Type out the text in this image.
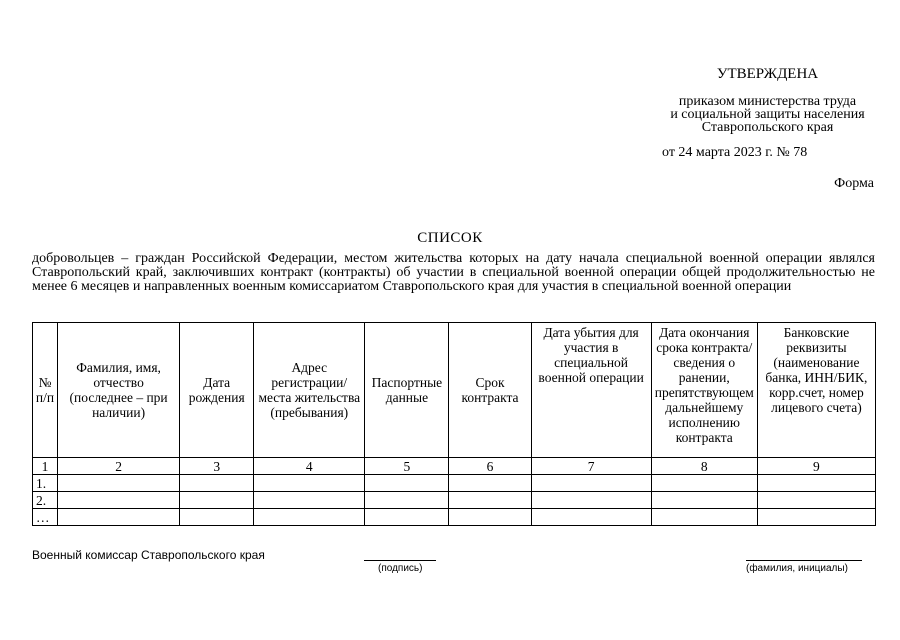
УТВЕРЖДЕНА
приказом министерства труда
и социальной защиты населения
Ставропольского края
от 24 марта 2023 г. № 78
Форма
СПИСОК
добровольцев – граждан Российской Федерации, местом жительства которых на дату начала специальной военной операции являлся Ставропольский край, заключивших контракт (контракты) об участии в специальной военной операции общей продолжительностью не менее 6 месяцев и направленных военным комиссариатом Ставропольского края для участия в специальной военной операции
№ п/п	Фамилия, имя, отчество (последнее – при наличии)	Дата рождения	Адрес регистрации/места жительства (пребывания)	Паспортные данные	Срок контракта	Дата убытия для участия в специальной военной операции	Дата окончания срока контракта/сведения о ранении, препятствующем дальнейшему исполнению контракта	Банковские реквизиты (наименование банка, ИНН/БИК, корр.счет, номер лицевого счета)
1	2	3	4	5	6	7	8	9
1.								
2.								
…								
Военный комиссар Ставропольского края
(подпись)	(фамилия, инициалы)
